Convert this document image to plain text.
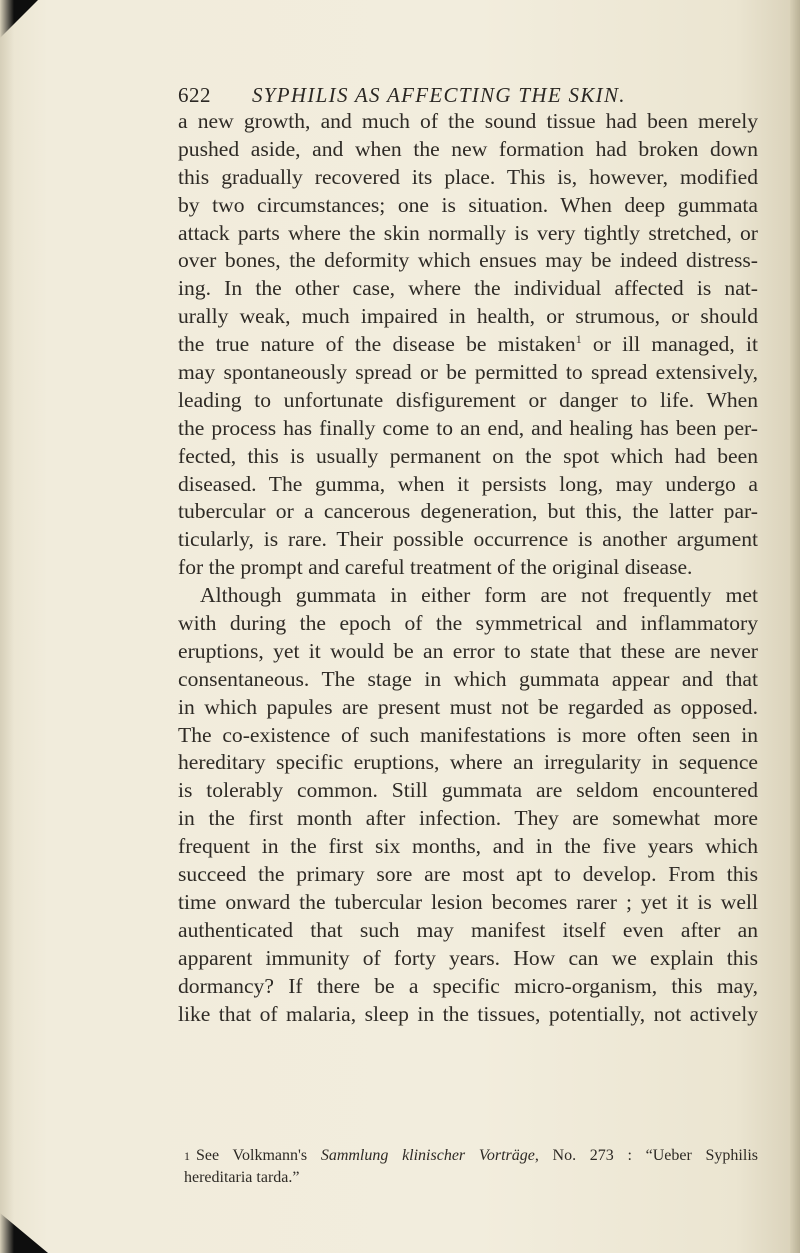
622	SYPHILIS AS AFFECTING THE SKIN.
a new growth, and much of the sound tissue had been merely
pushed aside, and when the new formation had broken down
this gradually recovered its place. This is, however, modified
by two circumstances; one is situation. When deep gummata
attack parts where the skin normally is very tightly stretched, or
over bones, the deformity which ensues may be indeed distress-
ing. In the other case, where the individual affected is nat-
urally weak, much impaired in health, or strumous, or should
the true nature of the disease be mistaken$^1$ or ill managed, it
may spontaneously spread or be permitted to spread extensively,
leading to unfortunate disfigurement or danger to life. When
the process has finally come to an end, and healing has been per-
fected, this is usually permanent on the spot which had been
diseased. The gumma, when it persists long, may undergo a
tubercular or a cancerous degeneration, but this, the latter par-
ticularly, is rare. Their possible occurrence is another argument
for the prompt and careful treatment of the original disease.
Although gummata in either form are not frequently met
with during the epoch of the symmetrical and inflammatory
eruptions, yet it would be an error to state that these are never
consentaneous. The stage in which gummata appear and that
in which papules are present must not be regarded as opposed.
The co-existence of such manifestations is more often seen in
hereditary specific eruptions, where an irregularity in sequence
is tolerably common. Still gummata are seldom encountered
in the first month after infection. They are somewhat more
frequent in the first six months, and in the five years which
succeed the primary sore are most apt to develop. From this
time onward the tubercular lesion becomes rarer ; yet it is well
authenticated that such may manifest itself even after an
apparent immunity of forty years. How can we explain this
dormancy? If there be a specific micro-organism, this may,
like that of malaria, sleep in the tissues, potentially, not actively
1 See Volkmann's Sammlung klinischer Vorträge, No. 273 : “Ueber Syphilis
hereditaria tarda.”
